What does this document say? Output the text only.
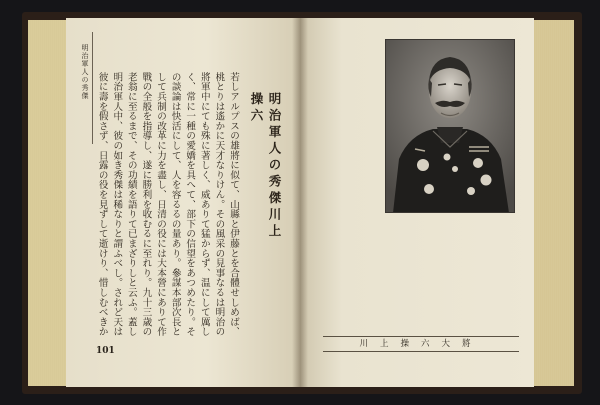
明治軍人の秀傑	若しアルプスの雄將に似て、山縣と伊藤とを合體せしめば、桃とりは遙かに天才なりけん。その風采の見事なるは明治の將軍中にても殊に著しく、威ありて猛からず、温にして厲しく、常に一種の愛嬌を具へて、部下の信望をあつめたり。その談論は快活にして、人を容るるの量あり。參謀本部次長として兵制の改革に力を盡し、日清の役には大本營にありて作戰の全般を指導し、遂に勝利を收むるに至れり。九十三歳の老翁に至るまで、その功績を語りて已まざりしと云ふ。蓋し明治軍人中、彼の如き秀傑は稀なりと謂ふべし。されど天は彼に壽を假さず、日露の役を見ずして逝けり、惜しむべきか
明治軍人の秀傑川上操六
101
川上操六大將
